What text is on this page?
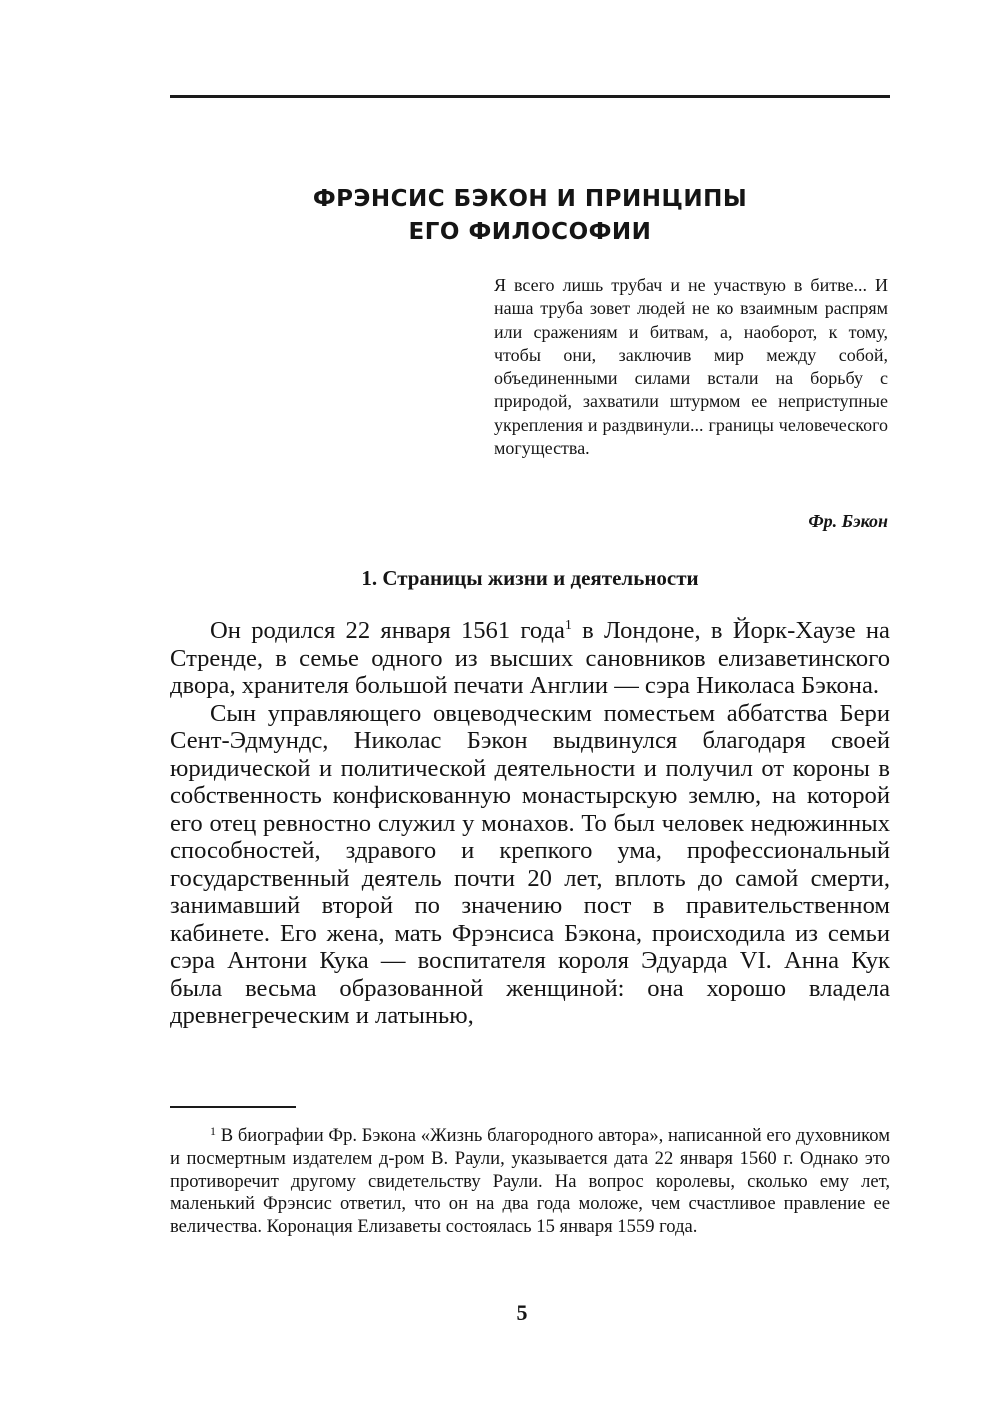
ФРЭНСИС БЭКОН И ПРИНЦИПЫ
ЕГО ФИЛОСОФИИ

Я всего лишь трубач и не участвую в битве... И наша труба зовет людей не ко взаимным распрям или сражениям и битвам, а, наоборот, к тому, чтобы они, заключив мир между собой, объединенными силами встали на борьбу с природой, захватили штурмом ее неприступные укрепления и раздвинули... границы человеческого могущества.

Фр. Бэкон

1. Страницы жизни и деятельности

Он родился 22 января 1561 года$^1$ в Лондоне, в Йорк-Хаузе на Стренде, в семье одного из высших сановников елизаветинского двора, хранителя большой печати Англии — сэра Николаса Бэкона.

Сын управляющего овцеводческим поместьем аббатства Бери Сент-Эдмундс, Николас Бэкон выдвинулся благодаря своей юридической и политической деятельности и получил от короны в собственность конфискованную монастырскую землю, на которой его отец ревностно служил у монахов. То был человек недюжинных способностей, здравого и крепкого ума, профессиональный государственный деятель почти 20 лет, вплоть до самой смерти, занимавший второй по значению пост в правительственном кабинете. Его жена, мать Фрэнсиса Бэкона, происходила из семьи сэра Антони Кука — воспитателя короля Эдуарда VI. Анна Кук была весьма образованной женщиной: она хорошо владела древнегреческим и латынью,

$^1$ В биографии Фр. Бэкона «Жизнь благородного автора», написанной его духовником и посмертным издателем д-ром В. Раули, указывается дата 22 января 1560 г. Однако это противоречит другому свидетельству Раули. На вопрос королевы, сколько ему лет, маленький Фрэнсис ответил, что он на два года моложе, чем счастливое правление ее величества. Коронация Елизаветы состоялась 15 января 1559 года.

5
